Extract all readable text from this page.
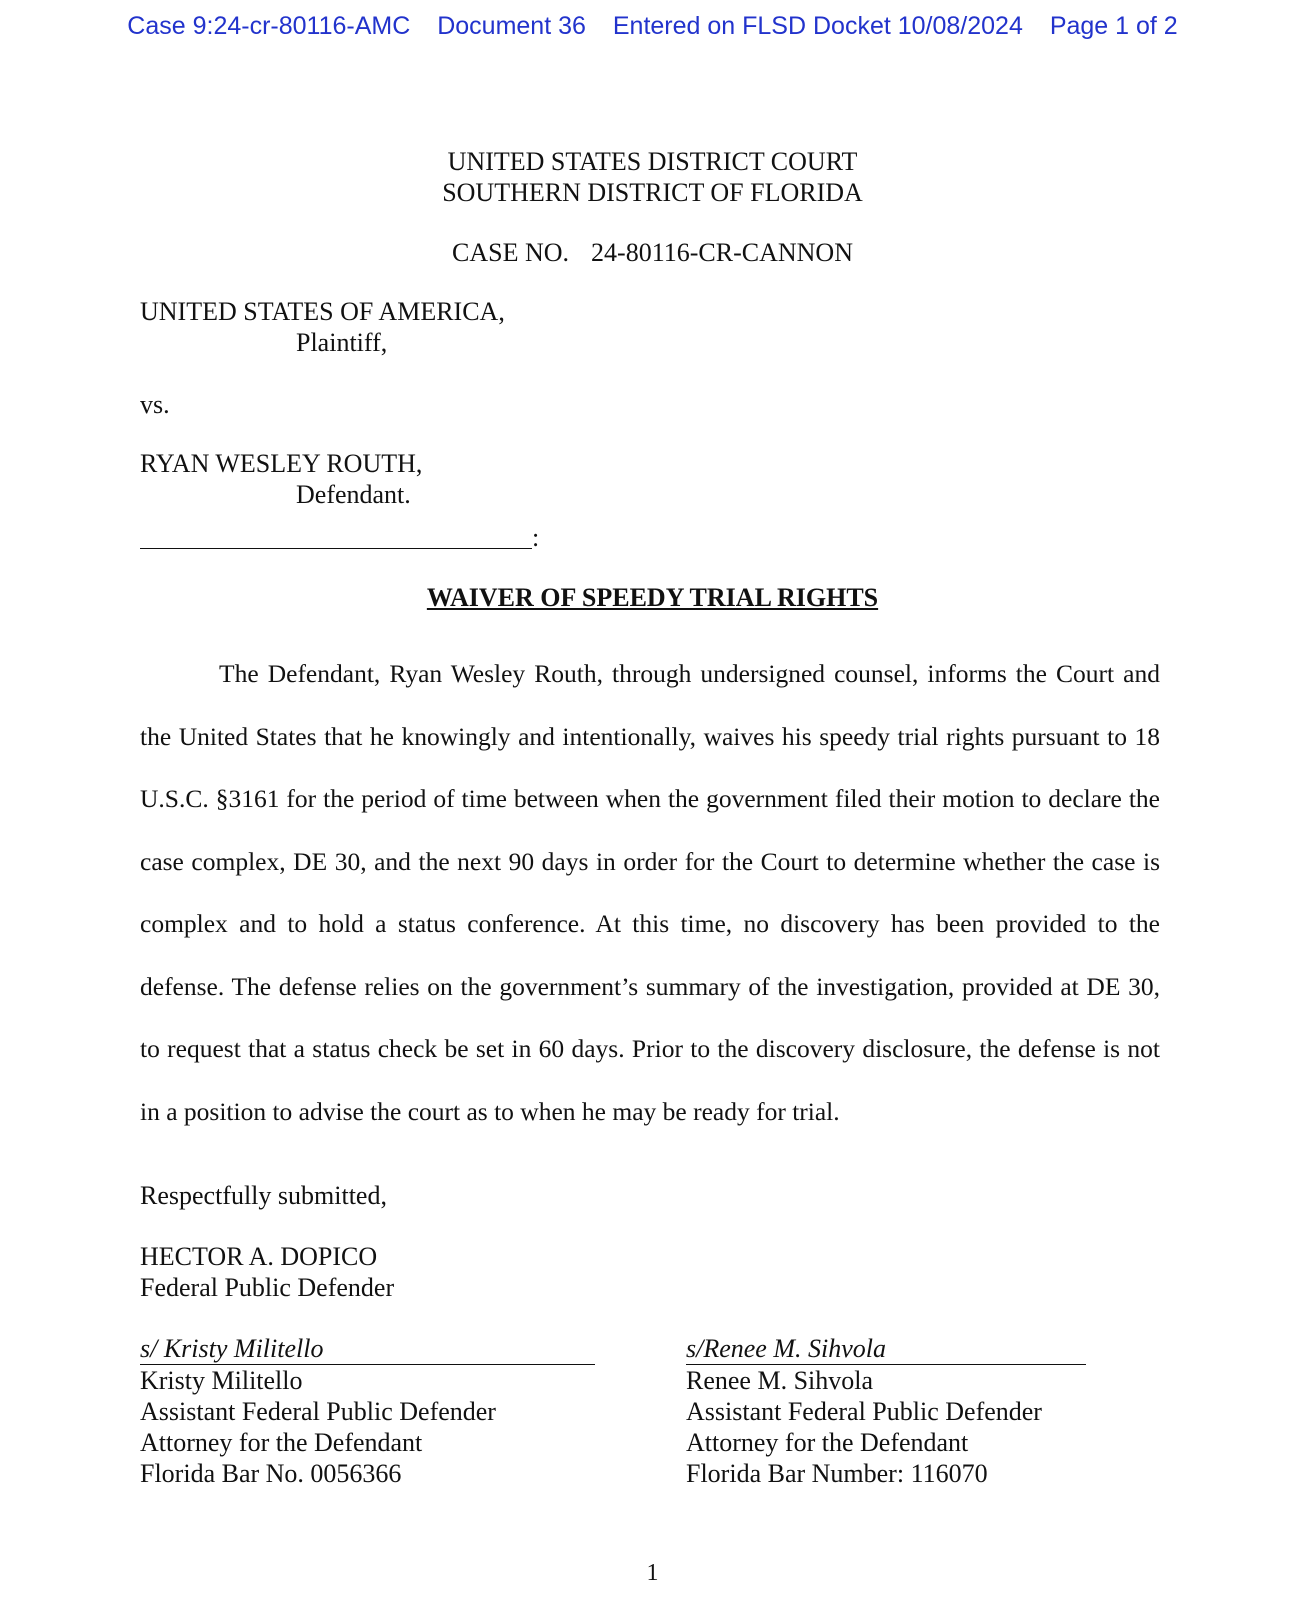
Case 9:24-cr-80116-AMC Document 36 Entered on FLSD Docket 10/08/2024 Page 1 of 2
UNITED STATES DISTRICT COURT
SOUTHERN DISTRICT OF FLORIDA
CASE NO. 24-80116-CR-CANNON
UNITED STATES OF AMERICA,
Plaintiff,
vs.
RYAN WESLEY ROUTH,
Defendant.
:
WAIVER OF SPEEDY TRIAL RIGHTS

The Defendant, Ryan Wesley Routh, through undersigned counsel, informs the Court and the United States that he knowingly and intentionally, waives his speedy trial rights pursuant to 18 U.S.C. §3161 for the period of time between when the government filed their motion to declare the case complex, DE 30, and the next 90 days in order for the Court to determine whether the case is complex and to hold a status conference. At this time, no discovery has been provided to the defense. The defense relies on the government’s summary of the investigation, provided at DE 30, to request that a status check be set in 60 days. Prior to the discovery disclosure, the defense is not in a position to advise the court as to when he may be ready for trial.

Respectfully submitted,
HECTOR A. DOPICO
Federal Public Defender
s/ Kristy Militello
Kristy Militello
Assistant Federal Public Defender
Attorney for the Defendant
Florida Bar No. 0056366
s/Renee M. Sihvola
Renee M. Sihvola
Assistant Federal Public Defender
Attorney for the Defendant
Florida Bar Number: 116070
1
